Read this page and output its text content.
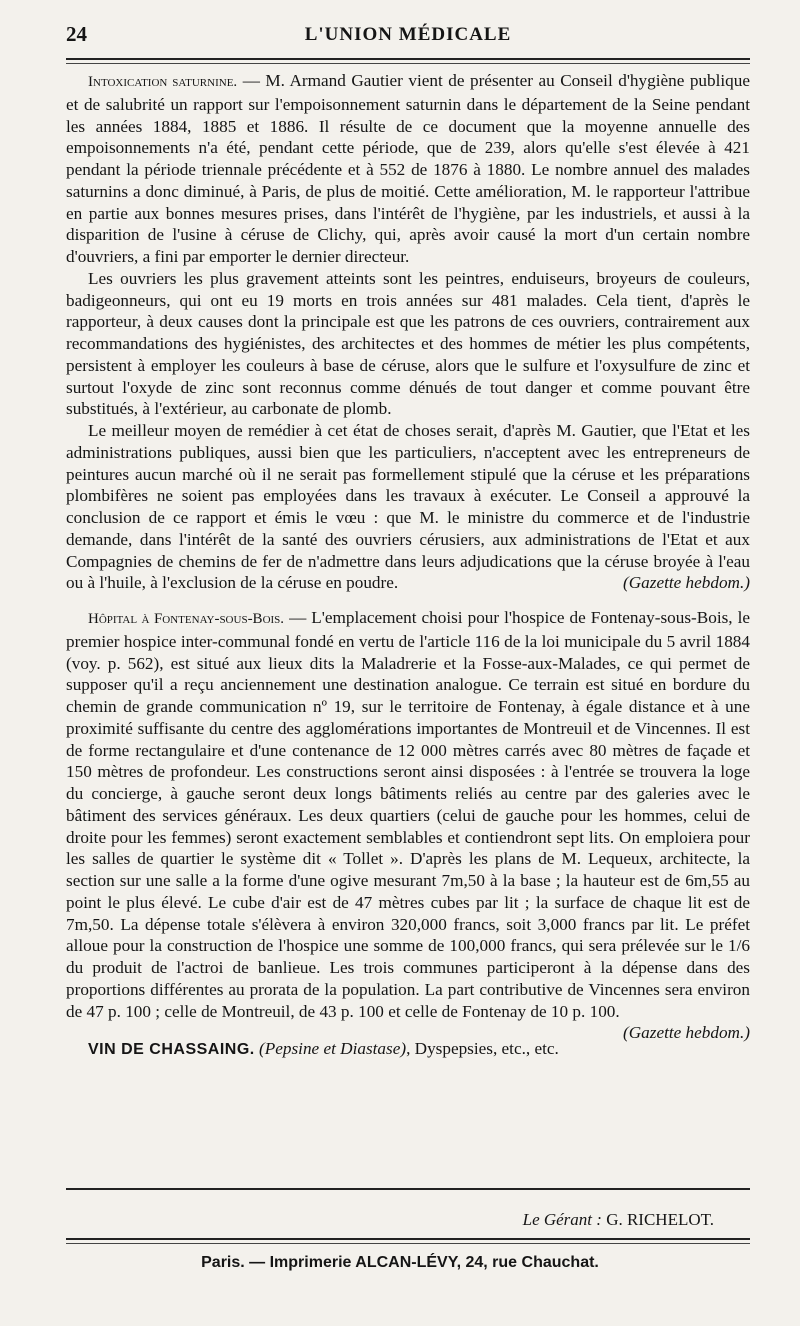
24	L'UNION MÉDICALE

Intoxication saturnine. — M. Armand Gautier vient de présenter au Conseil d'hygiène publique et de salubrité un rapport sur l'empoisonnement saturnin dans le département de la Seine pendant les années 1884, 1885 et 1886. Il résulte de ce document que la moyenne annuelle des empoisonnements n'a été, pendant cette période, que de 239, alors qu'elle s'est élevée à 421 pendant la période triennale précédente et à 552 de 1876 à 1880. Le nombre annuel des malades saturnins a donc diminué, à Paris, de plus de moitié. Cette amélioration, M. le rapporteur l'attribue en partie aux bonnes mesures prises, dans l'intérêt de l'hygiène, par les industriels, et aussi à la disparition de l'usine à céruse de Clichy, qui, après avoir causé la mort d'un certain nombre d'ouvriers, a fini par emporter le dernier directeur.

Les ouvriers les plus gravement atteints sont les peintres, enduiseurs, broyeurs de couleurs, badigeonneurs, qui ont eu 19 morts en trois années sur 481 malades. Cela tient, d'après le rapporteur, à deux causes dont la principale est que les patrons de ces ouvriers, contrairement aux recommandations des hygiénistes, des architectes et des hommes de métier les plus compétents, persistent à employer les couleurs à base de céruse, alors que le sulfure et l'oxysulfure de zinc et surtout l'oxyde de zinc sont reconnus comme dénués de tout danger et comme pouvant être substitués, à l'extérieur, au carbonate de plomb.

Le meilleur moyen de remédier à cet état de choses serait, d'après M. Gautier, que l'Etat et les administrations publiques, aussi bien que les particuliers, n'acceptent avec les entrepreneurs de peintures aucun marché où il ne serait pas formellement stipulé que la céruse et les préparations plombifères ne soient pas employées dans les travaux à exécuter. Le Conseil a approuvé la conclusion de ce rapport et émis le vœu : que M. le ministre du commerce et de l'industrie demande, dans l'intérêt de la santé des ouvriers cérusiers, aux administrations de l'Etat et aux Compagnies de chemins de fer de n'admettre dans leurs adjudications que la céruse broyée à l'eau ou à l'huile, à l'exclusion de la céruse en poudre.	(Gazette hebdom.)

Hôpital à Fontenay-sous-Bois. — L'emplacement choisi pour l'hospice de Fontenay-sous-Bois, le premier hospice inter-communal fondé en vertu de l'article 116 de la loi municipale du 5 avril 1884 (voy. p. 562), est situé aux lieux dits la Maladrerie et la Fosse-aux-Malades, ce qui permet de supposer qu'il a reçu anciennement une destination analogue. Ce terrain est situé en bordure du chemin de grande communication nº 19, sur le territoire de Fontenay, à égale distance et à une proximité suffisante du centre des agglomérations importantes de Montreuil et de Vincennes. Il est de forme rectangulaire et d'une contenance de 12 000 mètres carrés avec 80 mètres de façade et 150 mètres de profondeur. Les constructions seront ainsi disposées : à l'entrée se trouvera la loge du concierge, à gauche seront deux longs bâtiments reliés au centre par des galeries avec le bâtiment des services généraux. Les deux quartiers (celui de gauche pour les hommes, celui de droite pour les femmes) seront exactement semblables et contiendront sept lits. On emploiera pour les salles de quartier le système dit « Tollet ». D'après les plans de M. Lequeux, architecte, la section sur une salle a la forme d'une ogive mesurant 7m,50 à la base ; la hauteur est de 6m,55 au point le plus élevé. Le cube d'air est de 47 mètres cubes par lit ; la surface de chaque lit est de 7m,50. La dépense totale s'élèvera à environ 320,000 francs, soit 3,000 francs par lit. Le préfet alloue pour la construction de l'hospice une somme de 100,000 francs, qui sera prélevée sur le 1/6 du produit de l'actroi de banlieue. Les trois communes participeront à la dépense dans des proportions différentes au prorata de la population. La part contributive de Vincennes sera environ de 47 p. 100 ; celle de Montreuil, de 43 p. 100 et celle de Fontenay de 10 p. 100.
(Gazette hebdom.)

VIN DE CHASSAING. (Pepsine et Diastase), Dyspepsies, etc., etc.

Le Gérant : G. RICHELOT.
Paris. — Imprimerie ALCAN-LÉVY, 24, rue Chauchat.
